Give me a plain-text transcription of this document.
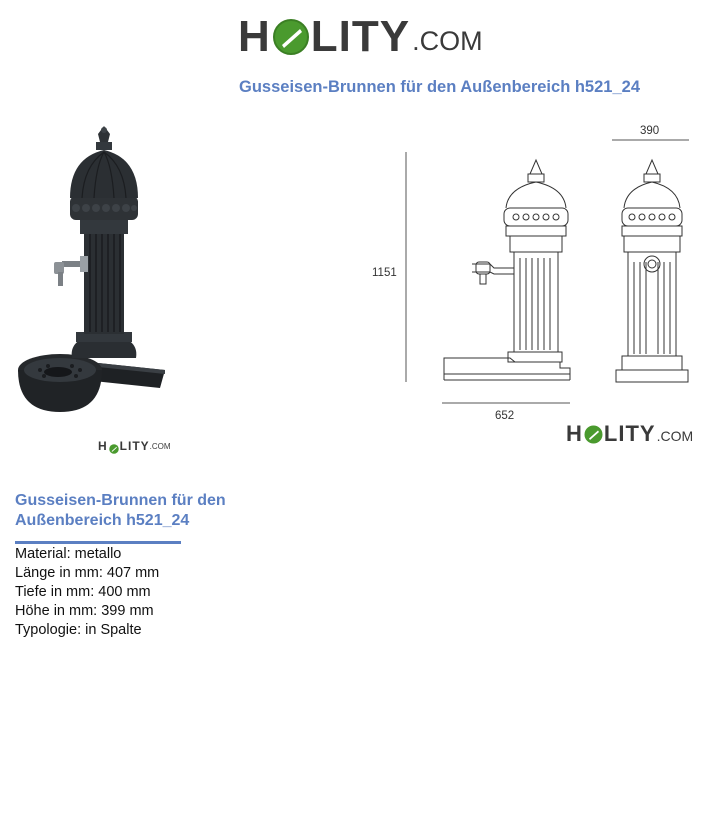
H LITY .COM
Gusseisen-Brunnen für den Außenbereich h521_24
H LITY .COM
1151
652
390
H LITY .COM
Gusseisen-Brunnen für den Außenbereich h521_24
Material: metallo
Länge in mm: 407 mm
Tiefe in mm: 400 mm
Höhe in mm: 399 mm
Typologie: in Spalte
